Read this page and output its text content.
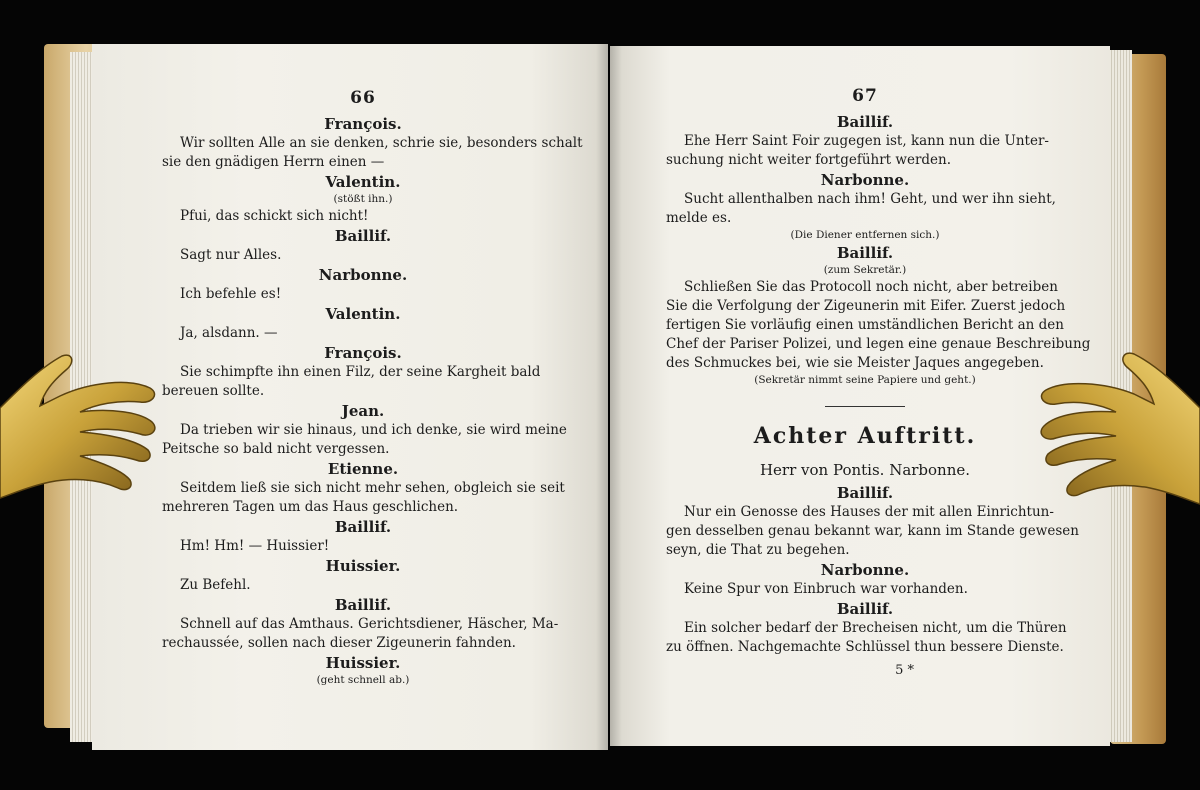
66
François.
Wir sollten Alle an sie denken, schrie sie, besonders schalt
sie den gnädigen Herrn einen —
Valentin.
(stößt ihn.)
Pfui, das schickt sich nicht!
Baillif.
Sagt nur Alles.
Narbonne.
Ich befehle es!
Valentin.
Ja, alsdann. —
François.
Sie schimpfte ihn einen Filz, der seine Kargheit bald
bereuen sollte.
Jean.
Da trieben wir sie hinaus, und ich denke, sie wird meine
Peitsche so bald nicht vergessen.
Etienne.
Seitdem ließ sie sich nicht mehr sehen, obgleich sie seit
mehreren Tagen um das Haus geschlichen.
Baillif.
Hm! Hm! — Huissier!
Huissier.
Zu Befehl.
Baillif.
Schnell auf das Amthaus. Gerichtsdiener, Häscher, Ma-
rechaussée, sollen nach dieser Zigeunerin fahnden.
Huissier.
(geht schnell ab.)
67
Baillif.
Ehe Herr Saint Foir zugegen ist, kann nun die Unter-
suchung nicht weiter fortgeführt werden.
Narbonne.
Sucht allenthalben nach ihm! Geht, und wer ihn sieht,
melde es.
(Die Diener entfernen sich.)
Baillif.
(zum Sekretär.)
Schließen Sie das Protocoll noch nicht, aber betreiben
Sie die Verfolgung der Zigeunerin mit Eifer. Zuerst jedoch
fertigen Sie vorläufig einen umständlichen Bericht an den
Chef der Pariser Polizei, und legen eine genaue Beschreibung
des Schmuckes bei, wie sie Meister Jaques angegeben.
(Sekretär nimmt seine Papiere und geht.)
Achter Auftritt.
Herr von Pontis. Narbonne.
Baillif.
Nur ein Genosse des Hauses der mit allen Einrichtun-
gen desselben genau bekannt war, kann im Stande gewesen
seyn, die That zu begehen.
Narbonne.
Keine Spur von Einbruch war vorhanden.
Baillif.
Ein solcher bedarf der Brecheisen nicht, um die Thüren
zu öffnen. Nachgemachte Schlüssel thun bessere Dienste.
5 *
